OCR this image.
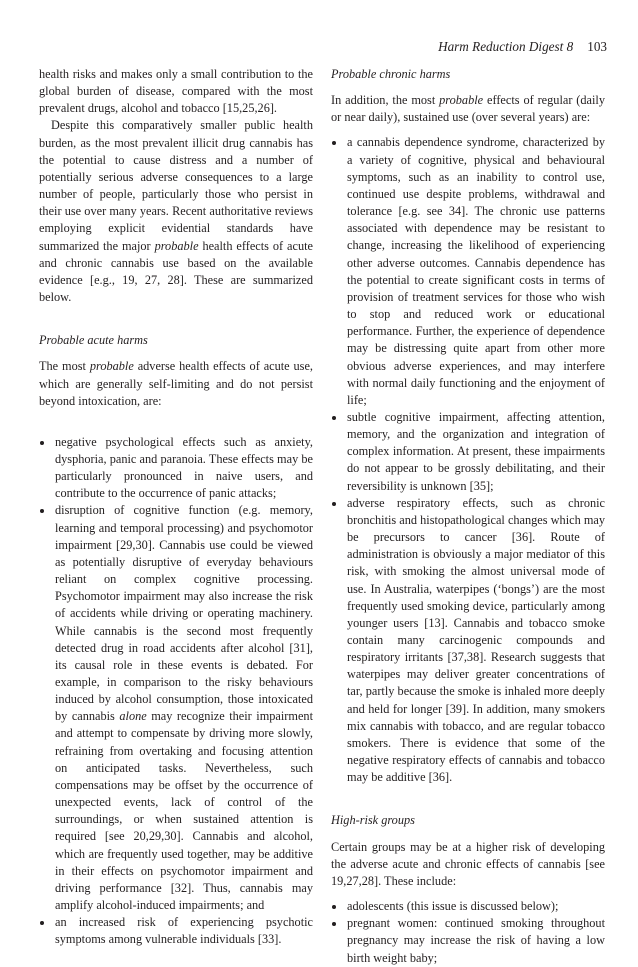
Harm Reduction Digest 8 103

health risks and makes only a small contribution to the global burden of disease, compared with the most prevalent drugs, alcohol and tobacco [15,25,26].

Despite this comparatively smaller public health burden, as the most prevalent illicit drug cannabis has the potential to cause distress and a number of potentially serious adverse consequences to a large number of people, particularly those who persist in their use over many years. Recent authoritative reviews employing explicit evidential standards have summarized the major probable health effects of acute and chronic cannabis use based on the available evidence [e.g., 19, 27, 28]. These are summarized below.

Probable acute harms

The most probable adverse health effects of acute use, which are generally self-limiting and do not persist beyond intoxication, are:

negative psychological effects such as anxiety, dysphoria, panic and paranoia. These effects may be particularly pronounced in naive users, and contribute to the occurrence of panic attacks;
disruption of cognitive function (e.g. memory, learning and temporal processing) and psychomotor impairment [29,30]. Cannabis use could be viewed as potentially disruptive of everyday behaviours reliant on complex cognitive processing. Psychomotor impairment may also increase the risk of accidents while driving or operating machinery. While cannabis is the second most frequently detected drug in road accidents after alcohol [31], its causal role in these events is debated. For example, in comparison to the risky behaviours induced by alcohol consumption, those intoxicated by cannabis alone may recognize their impairment and attempt to compensate by driving more slowly, refraining from overtaking and focusing attention on anticipated tasks. Nevertheless, such compensations may be offset by the occurrence of unexpected events, lack of control of the surroundings, or when sustained attention is required [see 20,29,30]. Cannabis and alcohol, which are frequently used together, may be additive in their effects on psychomotor impairment and driving performance [32]. Thus, cannabis may amplify alcohol-induced impairments; and
an increased risk of experiencing psychotic symptoms among vulnerable individuals [33].
Probable chronic harms

In addition, the most probable effects of regular (daily or near daily), sustained use (over several years) are:

a cannabis dependence syndrome, characterized by a variety of cognitive, physical and behavioural symptoms, such as an inability to control use, continued use despite problems, withdrawal and tolerance [e.g. see 34]. The chronic use patterns associated with dependence may be resistant to change, increasing the likelihood of experiencing other adverse outcomes. Cannabis dependence has the potential to create significant costs in terms of provision of treatment services for those who wish to stop and reduced work or educational performance. Further, the experience of dependence may be distressing quite apart from other more obvious adverse experiences, and may interfere with normal daily functioning and the enjoyment of life;
subtle cognitive impairment, affecting attention, memory, and the organization and integration of complex information. At present, these impairments do not appear to be grossly debilitating, and their reversibility is unknown [35];
adverse respiratory effects, such as chronic bronchitis and histopathological changes which may be precursors to cancer [36]. Route of administration is obviously a major mediator of this risk, with smoking the almost universal mode of use. In Australia, waterpipes (‘bongs’) are the most frequently used smoking device, particularly among younger users [13]. Cannabis and tobacco smoke contain many carcinogenic compounds and respiratory irritants [37,38]. Research suggests that waterpipes may deliver greater concentrations of tar, partly because the smoke is inhaled more deeply and held for longer [39]. In addition, many smokers mix cannabis with tobacco, and are regular tobacco smokers. There is evidence that some of the negative respiratory effects of cannabis and tobacco may be additive [36].
High-risk groups

Certain groups may be at a higher risk of developing the adverse acute and chronic effects of cannabis [see 19,27,28]. These include:

adolescents (this issue is discussed below);
pregnant women: continued smoking throughout pregnancy may increase the risk of having a low birth weight baby;
